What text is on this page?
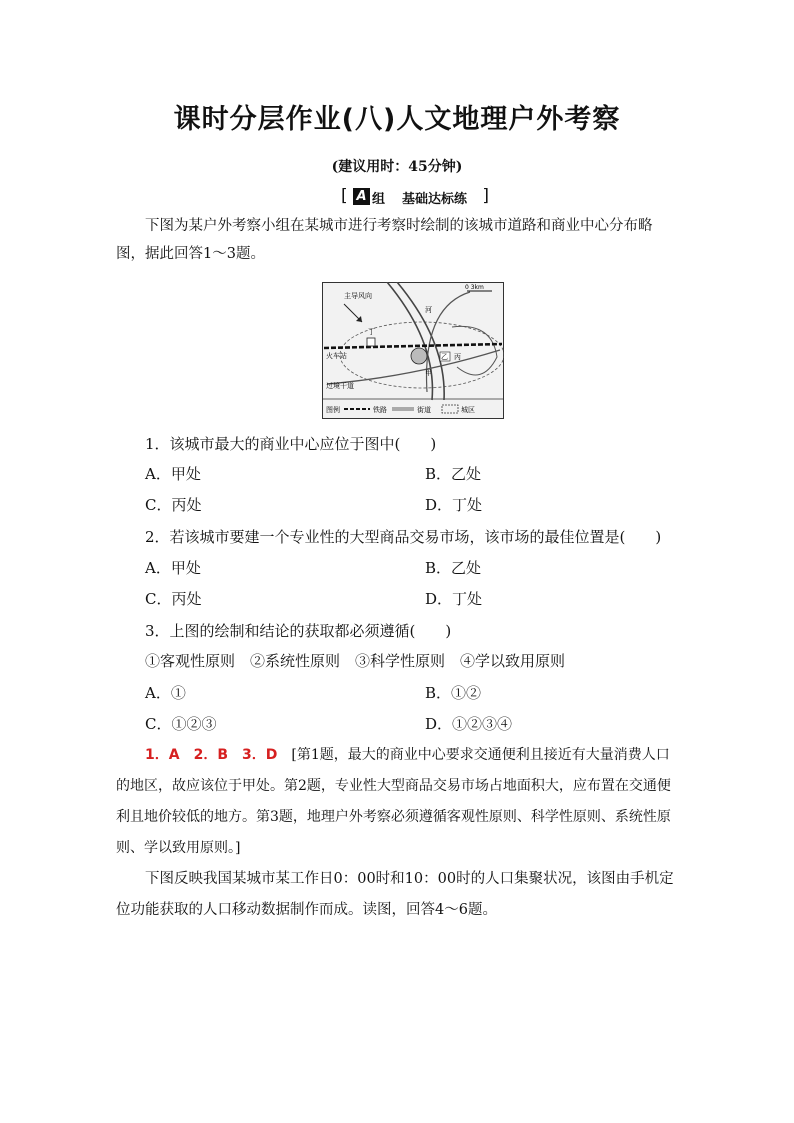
课时分层作业(八)人文地理户外考察
(建议用时：45分钟)
[ A 组 基础达标练 ]
下图为某户外考察小组在某城市进行考察时绘制的该城市道路和商业中心分布略图，据此回答1～3题。
0 3km
主导风向
河
丁
甲
乙 丙
火车站
过境干道
图例	铁路	街道	城区
1．该城市最大的商业中心应位于图中(　　)
A．甲处	B．乙处
C．丙处	D．丁处
2．若该城市要建一个专业性的大型商品交易市场，该市场的最佳位置是(　　)
A．甲处	B．乙处
C．丙处	D．丁处
3．上图的绘制和结论的获取都必须遵循(　　)
①客观性原则　②系统性原则　③科学性原则　④学以致用原则
A．①	B．①②
C．①②③	D．①②③④
1．A　2．B　3．D　 [第1题，最大的商业中心要求交通便利且接近有大量消费人口的地区，故应该位于甲处。第2题，专业性大型商品交易市场占地面积大，应布置在交通便利且地价较低的地方。第3题，地理户外考察必须遵循客观性原则、科学性原则、系统性原则、学以致用原则。]
下图反映我国某城市某工作日0：00时和10：00时的人口集聚状况，该图由手机定位功能获取的人口移动数据制作而成。读图，回答4～6题。
